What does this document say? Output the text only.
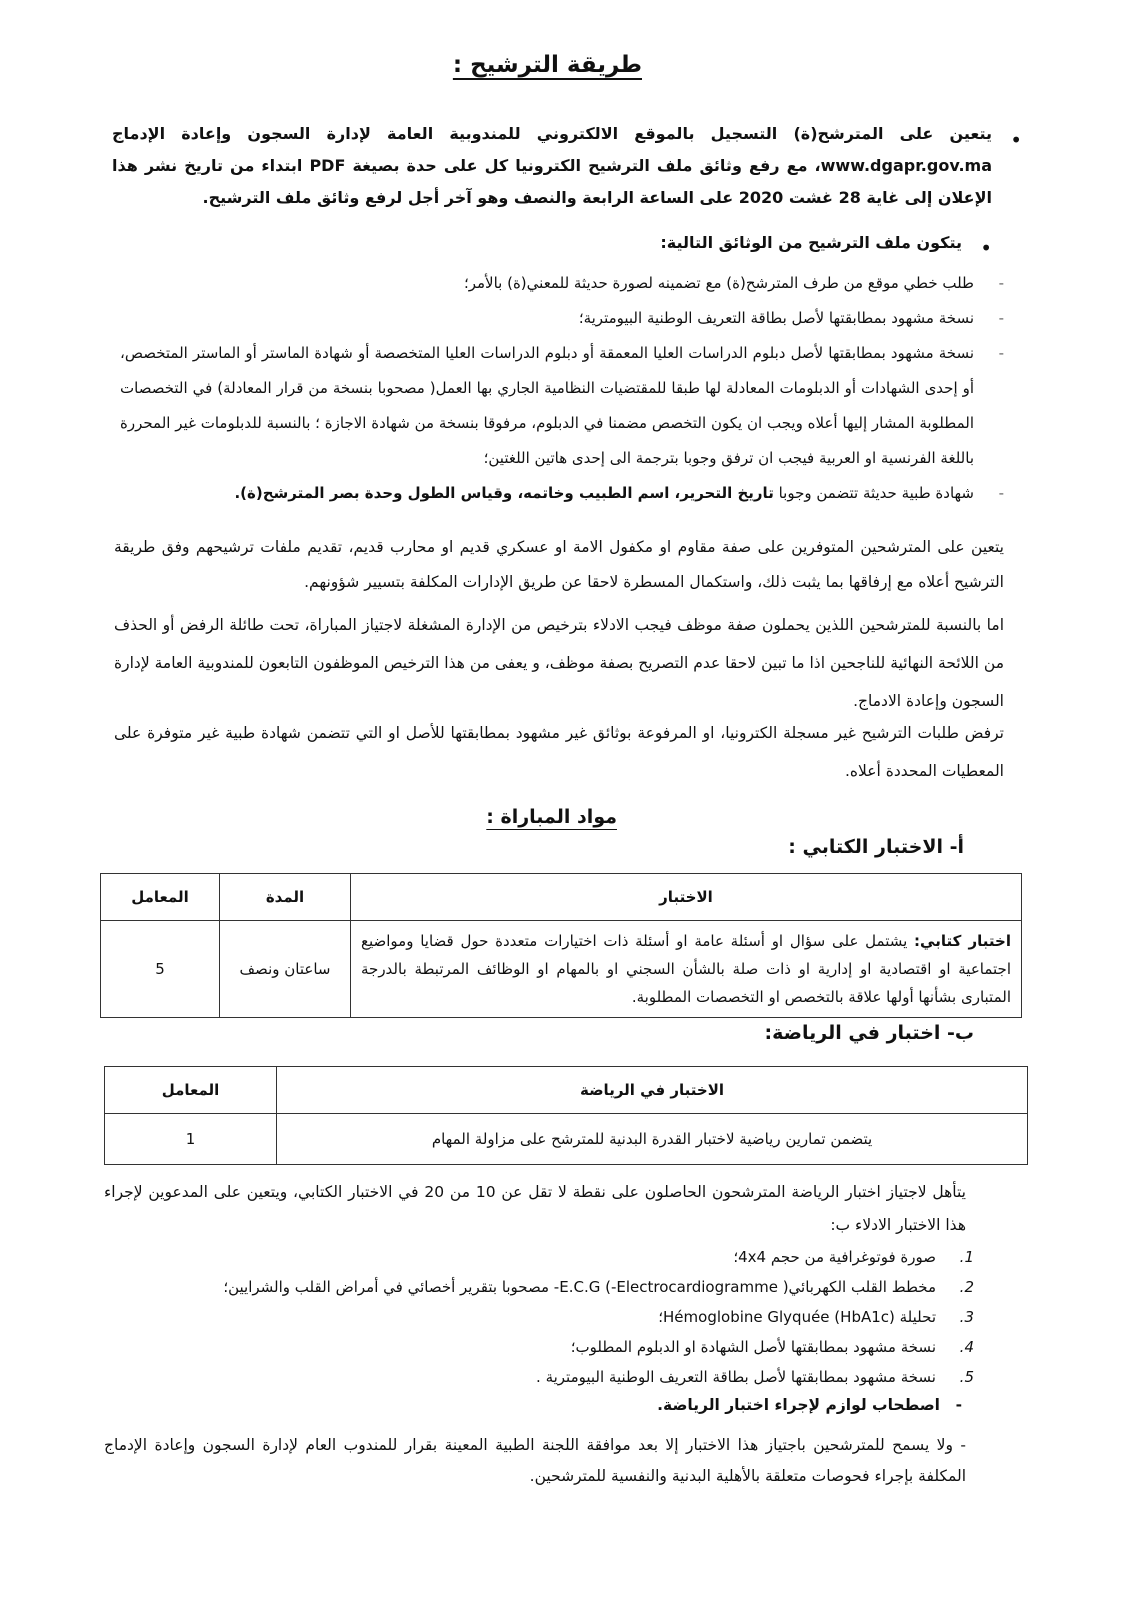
طريقة الترشيح :
•
يتعين على المترشح(ة) التسجيل بالموقع الالكتروني للمندوبية العامة لإدارة السجون وإعادة الإدماج www.dgapr.gov.ma، مع رفع وثائق ملف الترشيح الكترونيا كل على حدة بصيغة PDF ابتداء من تاريخ نشر هذا الإعلان إلى غاية 28 غشت 2020 على الساعة الرابعة والنصف وهو آخر أجل لرفع وثائق ملف الترشيح.
•
يتكون ملف الترشيح من الوثائق التالية:
-
طلب خطي موقع من طرف المترشح(ة) مع تضمينه لصورة حديثة للمعني(ة) بالأمر؛
-
نسخة مشهود بمطابقتها لأصل بطاقة التعريف الوطنية البيومترية؛
-
نسخة مشهود بمطابقتها لأصل دبلوم الدراسات العليا المعمقة أو دبلوم الدراسات العليا المتخصصة أو شهادة الماستر أو الماستر المتخصص، أو إحدى الشهادات أو الدبلومات المعادلة لها طبقا للمقتضيات النظامية الجاري بها العمل( مصحوبا بنسخة من قرار المعادلة) في التخصصات المطلوبة المشار إليها أعلاه ويجب ان يكون التخصص مضمنا في الدبلوم، مرفوقا بنسخة من شهادة الاجازة ؛ بالنسبة للدبلومات غير المحررة باللغة الفرنسية او العربية فيجب ان ترفق وجوبا بترجمة الى إحدى هاتين اللغتين؛
-
شهادة طبية حديثة تتضمن وجوبا تاريخ التحرير، اسم الطبيب وخاتمه، وقياس الطول وحدة بصر المترشح(ة).
يتعين على المترشحين المتوفرين على صفة مقاوم او مكفول الامة او عسكري قديم او محارب قديم، تقديم ملفات ترشيحهم وفق طريقة الترشيح أعلاه مع إرفاقها بما يثبت ذلك، واستكمال المسطرة لاحقا عن طريق الإدارات المكلفة بتسيير شؤونهم.
اما بالنسبة للمترشحين اللذين يحملون صفة موظف فيجب الادلاء بترخيص من الإدارة المشغلة لاجتياز المباراة، تحت طائلة الرفض أو الحذف من اللائحة النهائية للناجحين اذا ما تبين لاحقا عدم التصريح بصفة موظف، و يعفى من هذا الترخيص الموظفون التابعون للمندوبية العامة لإدارة السجون وإعادة الادماج.
ترفض طلبات الترشيح غير مسجلة الكترونيا، او المرفوعة بوثائق غير مشهود بمطابقتها للأصل او التي تتضمن شهادة طبية غير متوفرة على المعطيات المحددة أعلاه.
مواد المباراة :
أ- الاختبار الكتابي :
الاختبار	المدة	المعامل
اختبار كتابي: يشتمل على سؤال او أسئلة عامة او أسئلة ذات اختيارات متعددة حول قضايا ومواضيع اجتماعية او اقتصادية او إدارية او ذات صلة بالشأن السجني او بالمهام او الوظائف المرتبطة بالدرجة المتبارى بشأنها أولها علاقة بالتخصص او التخصصات المطلوبة.	ساعتان ونصف	5
ب- اختبار في الرياضة:
الاختبار في الرياضة	المعامل
يتضمن تمارين رياضية لاختبار القدرة البدنية للمترشح على مزاولة المهام	1
يتأهل لاجتياز اختبار الرياضة المترشحون الحاصلون على نقطة لا تقل عن 10 من 20 في الاختبار الكتابي، ويتعين على المدعوين لإجراء هذا الاختبار الادلاء ب:
1.
صورة فوتوغرافية من حجم 4x4؛
2.
مخطط القلب الكهربائيE.C.G (-Electrocardiogramme )- مصحوبا بتقرير أخصائي في أمراض القلب والشرايين؛
3.
تحليلة (Hémoglobine Glyquée (HbA1c؛
4.
نسخة مشهود بمطابقتها لأصل الشهادة او الدبلوم المطلوب؛
5.
نسخة مشهود بمطابقتها لأصل بطاقة التعريف الوطنية البيومترية .
-
اصطحاب لوازم لإجراء اختبار الرياضة.
- ولا يسمح للمترشحين باجتياز هذا الاختبار إلا بعد موافقة اللجنة الطبية المعينة بقرار للمندوب العام لإدارة السجون وإعادة الإدماج المكلفة بإجراء فحوصات متعلقة بالأهلية البدنية والنفسية للمترشحين.
